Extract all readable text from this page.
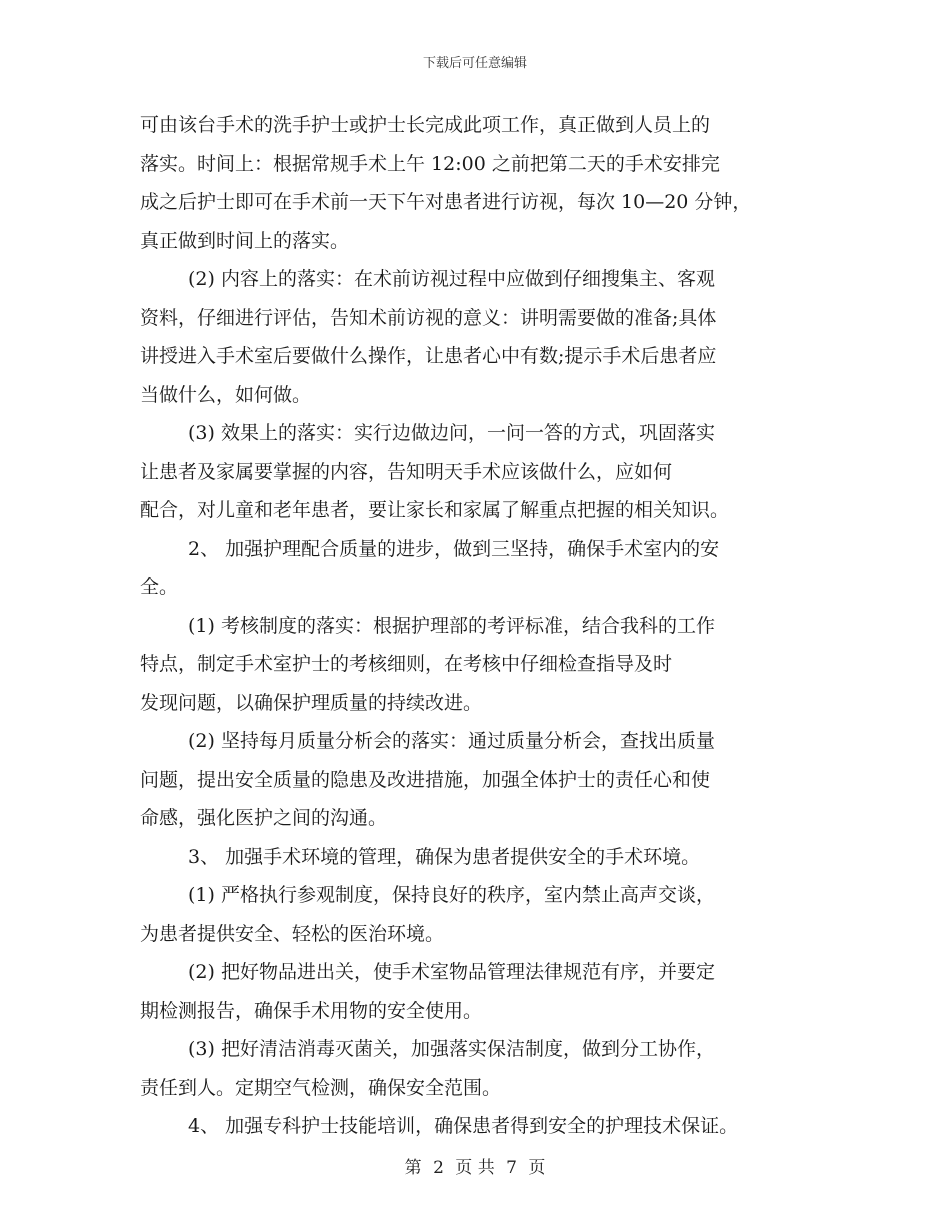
下载后可任意编辑
可由该台手术的洗手护士或护士长完成此项工作，真正做到人员上的
落实。时间上：根据常规手术上午 12:00 之前把第二天的手术安排完
成之后护士即可在手术前一天下午对患者进行访视，每次 10—20 分钟，
真正做到时间上的落实。
(2) 内容上的落实：在术前访视过程中应做到仔细搜集主、客观
资料，仔细进行评估，告知术前访视的意义：讲明需要做的准备;具体
讲授进入手术室后要做什么操作，让患者心中有数;提示手术后患者应
当做什么，如何做。
(3) 效果上的落实：实行边做边问，一问一答的方式，巩固落实
让患者及家属要掌握的内容，告知明天手术应该做什么，应如何
配合，对儿童和老年患者，要让家长和家属了解重点把握的相关知识。
2、 加强护理配合质量的进步，做到三坚持，确保手术室内的安
全。
(1) 考核制度的落实：根据护理部的考评标准，结合我科的工作
特点，制定手术室护士的考核细则，在考核中仔细检查指导及时
发现问题，以确保护理质量的持续改进。
(2) 坚持每月质量分析会的落实：通过质量分析会，查找出质量
问题，提出安全质量的隐患及改进措施，加强全体护士的责任心和使
命感，强化医护之间的沟通。
3、 加强手术环境的管理，确保为患者提供安全的手术环境。
(1) 严格执行参观制度，保持良好的秩序，室内禁止高声交谈，
为患者提供安全、轻松的医治环境。
(2) 把好物品进出关，使手术室物品管理法律规范有序，并要定
期检测报告，确保手术用物的安全使用。
(3) 把好清洁消毒灭菌关，加强落实保洁制度，做到分工协作，
责任到人。定期空气检测，确保安全范围。
4、 加强专科护士技能培训，确保患者得到安全的护理技术保证。
第 2 页 共 7 页
